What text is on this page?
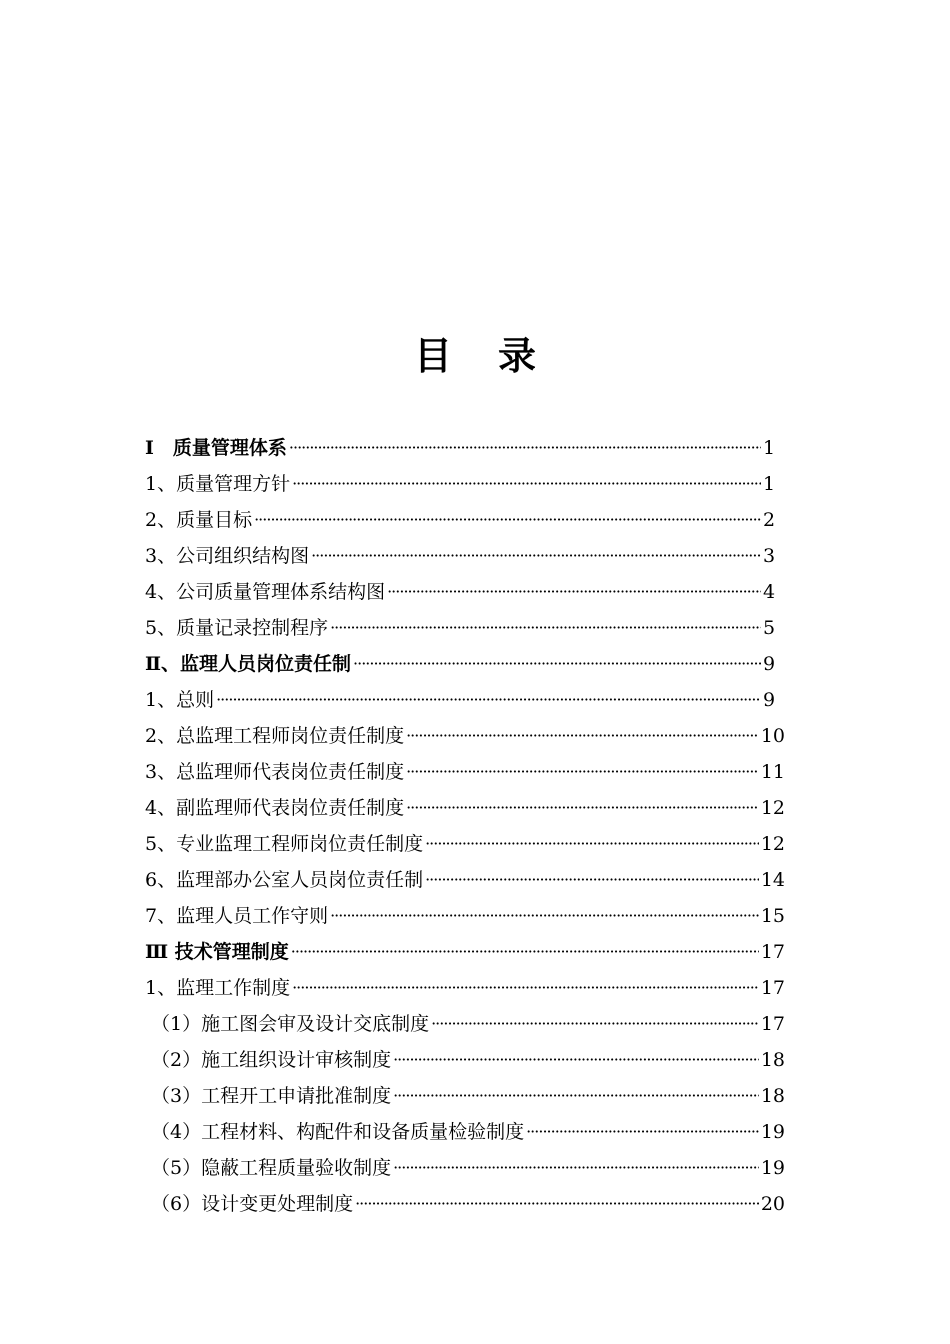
目 录
Ⅰ　质量管理体系 ·····	1
1、质量管理方针 ·····	1
2、质量目标 ·····	2
3、公司组织结构图 ·····	3
4、公司质量管理体系结构图 ·····	4
5、质量记录控制程序 ·····	5
Ⅱ、监理人员岗位责任制 ·····	9
1、总则 ·····	9
2、总监理工程师岗位责任制度 ·····	10
3、总监理师代表岗位责任制度 ·····	11
4、副监理师代表岗位责任制度 ·····	12
5、专业监理工程师岗位责任制度 ·····	12
6、监理部办公室人员岗位责任制 ·····	14
7、监理人员工作守则 ·····	15
Ⅲ 技术管理制度 ·····	17
1、监理工作制度 ·····	17
（1）施工图会审及设计交底制度 ·····	17
（2）施工组织设计审核制度 ·····	18
（3）工程开工申请批准制度 ·····	18
（4）工程材料、构配件和设备质量检验制度 ·····	19
（5）隐蔽工程质量验收制度 ·····	19
（6）设计变更处理制度 ·····	20
